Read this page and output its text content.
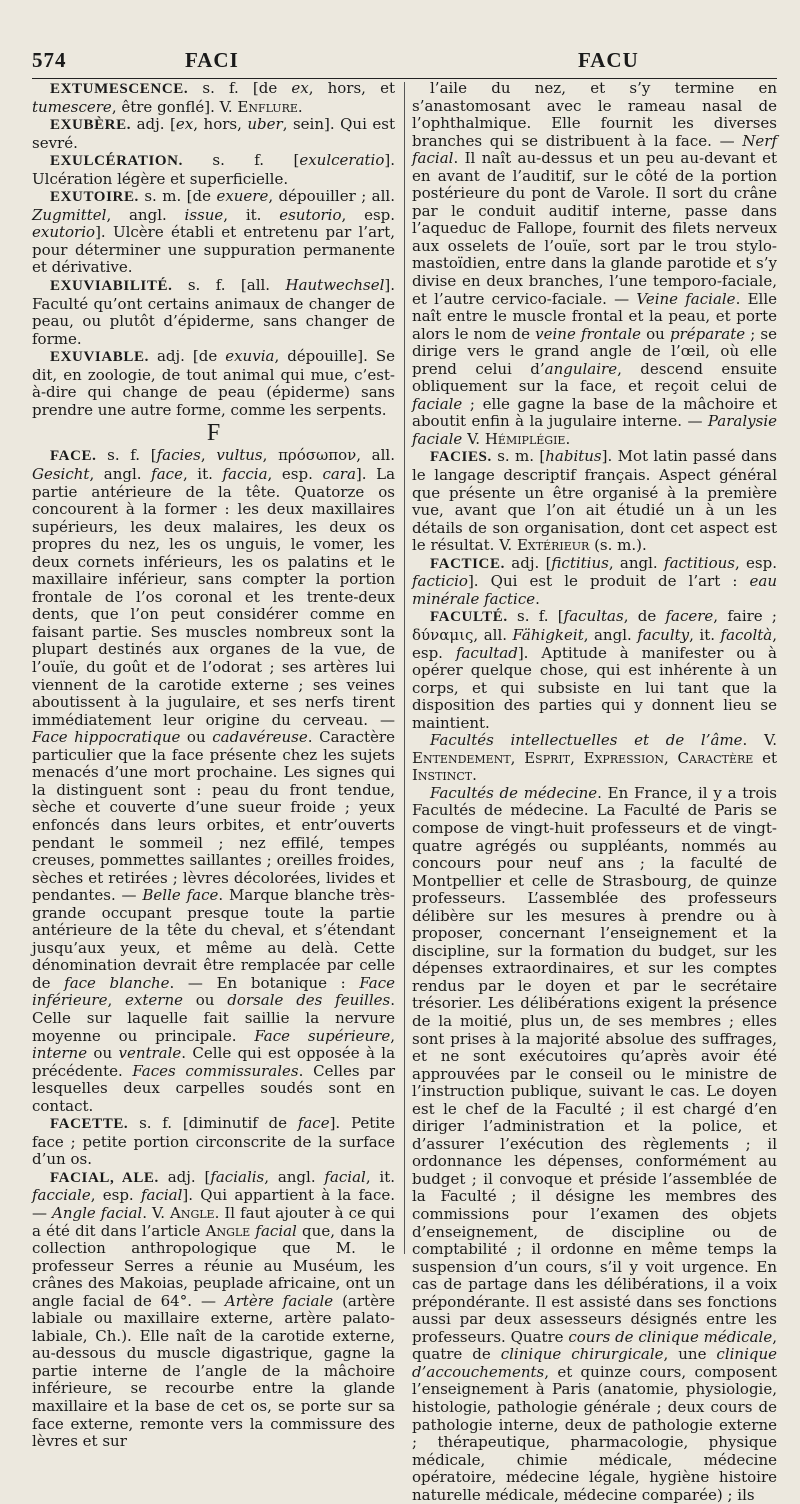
574	FACI	FACU

EXTUMESCENCE. s. f. [de ex, hors, et tumescere, être gonflé]. V. Enflure.

EXUBÈRE. adj. [ex, hors, uber, sein]. Qui est sevré.

EXULCÉRATION. s. f. [exulceratio]. Ulcération légère et superficielle.

EXUTOIRE. s. m. [de exuere, dépouiller ; all. Zugmittel, angl. issue, it. esutorio, esp. exutorio]. Ulcère établi et entretenu par l’art, pour déterminer une suppuration permanente et dérivative.

EXUVIABILITÉ. s. f. [all. Hautwechsel]. Faculté qu’ont certains animaux de changer de peau, ou plutôt d’épiderme, sans changer de forme.

EXUVIABLE. adj. [de exuvia, dépouille]. Se dit, en zoologie, de tout animal qui mue, c’est-à-dire qui change de peau (épiderme) sans prendre une autre forme, comme les serpents.

F

FACE. s. f. [facies, vultus, πρόσωπον, all. Gesicht, angl. face, it. faccia, esp. cara]. La partie antérieure de la tête. Quatorze os concourent à la former : les deux maxillaires supérieurs, les deux malaires, les deux os propres du nez, les os unguis, le vomer, les deux cornets inférieurs, les os palatins et le maxillaire inférieur, sans compter la portion frontale de l’os coronal et les trente-deux dents, que l’on peut considérer comme en faisant partie. Ses muscles nombreux sont la plupart destinés aux organes de la vue, de l’ouïe, du goût et de l’odorat ; ses artères lui viennent de la carotide externe ; ses veines aboutissent à la jugulaire, et ses nerfs tirent immédiatement leur origine du cerveau. — Face hippocratique ou cadavéreuse. Caractère particulier que la face présente chez les sujets menacés d’une mort prochaine. Les signes qui la distinguent sont : peau du front tendue, sèche et couverte d’une sueur froide ; yeux enfoncés dans leurs orbites, et entr’ouverts pendant le sommeil ; nez effilé, tempes creuses, pommettes saillantes ; oreilles froides, sèches et retirées ; lèvres décolorées, livides et pendantes. — Belle face. Marque blanche très-grande occupant presque toute la partie antérieure de la tête du cheval, et s’étendant jusqu’aux yeux, et même au delà. Cette dénomination devrait être remplacée par celle de face blanche. — En botanique : Face inférieure, externe ou dorsale des feuilles. Celle sur laquelle fait saillie la nervure moyenne ou principale. Face supérieure, interne ou ventrale. Celle qui est opposée à la précédente. Faces commissurales. Celles par lesquelles deux carpelles soudés sont en contact.

FACETTE. s. f. [diminutif de face]. Petite face ; petite portion circonscrite de la surface d’un os.

FACIAL, ALE. adj. [facialis, angl. facial, it. facciale, esp. facial]. Qui appartient à la face. — Angle facial. V. Angle. Il faut ajouter à ce qui a été dit dans l’article Angle facial que, dans la collection anthropologique que M. le professeur Serres a réunie au Muséum, les crânes des Makoias, peuplade africaine, ont un angle facial de 64°. — Artère faciale (artère labiale ou maxillaire externe, artère palato-labiale, Ch.). Elle naît de la carotide externe, au-dessous du muscle digastrique, gagne la partie interne de l’angle de la mâchoire inférieure, se recourbe entre la glande maxillaire et la base de cet os, se porte sur sa face externe, remonte vers la commissure des lèvres et sur

l’aile du nez, et s’y termine en s’anastomosant avec le rameau nasal de l’ophthalmique. Elle fournit les diverses branches qui se distribuent à la face. — Nerf facial. Il naît au-dessus et un peu au-devant et en avant de l’auditif, sur le côté de la portion postérieure du pont de Varole. Il sort du crâne par le conduit auditif interne, passe dans l’aqueduc de Fallope, fournit des filets nerveux aux osselets de l’ouïe, sort par le trou stylo-mastoïdien, entre dans la glande parotide et s’y divise en deux branches, l’une temporo-faciale, et l’autre cervico-faciale. — Veine faciale. Elle naît entre le muscle frontal et la peau, et porte alors le nom de veine frontale ou préparate ; se dirige vers le grand angle de l’œil, où elle prend celui d’angulaire, descend ensuite obliquement sur la face, et reçoit celui de faciale ; elle gagne la base de la mâchoire et aboutit enfin à la jugulaire interne. — Paralysie faciale V. Hémiplégie.

FACIES. s. m. [habitus]. Mot latin passé dans le langage descriptif français. Aspect général que présente un être organisé à la première vue, avant que l’on ait étudié un à un les détails de son organisation, dont cet aspect est le résultat. V. Extérieur (s. m.).

FACTICE. adj. [fictitius, angl. factitious, esp. facticio]. Qui est le produit de l’art : eau minérale factice.

FACULTÉ. s. f. [facultas, de facere, faire ; δύναμις, all. Fähigkeit, angl. faculty, it. facoltà, esp. facultad]. Aptitude à manifester ou à opérer quelque chose, qui est inhérente à un corps, et qui subsiste en lui tant que la disposition des parties qui y donnent lieu se maintient.

Facultés intellectuelles et de l’âme. V. Entendement, Esprit, Expression, Caractère et Instinct.

Facultés de médecine. En France, il y a trois Facultés de médecine. La Faculté de Paris se compose de vingt-huit professeurs et de vingt-quatre agrégés ou suppléants, nommés au concours pour neuf ans ; la faculté de Montpellier et celle de Strasbourg, de quinze professeurs. L’assemblée des professeurs délibère sur les mesures à prendre ou à proposer, concernant l’enseignement et la discipline, sur la formation du budget, sur les dépenses extraordinaires, et sur les comptes rendus par le doyen et par le secrétaire trésorier. Les délibérations exigent la présence de la moitié, plus un, de ses membres ; elles sont prises à la majorité absolue des suffrages, et ne sont exécutoires qu’après avoir été approuvées par le conseil ou le ministre de l’instruction publique, suivant le cas. Le doyen est le chef de la Faculté ; il est chargé d’en diriger l’administration et la police, et d’assurer l’exécution des règlements ; il ordonnance les dépenses, conformément au budget ; il convoque et préside l’assemblée de la Faculté ; il désigne les membres des commissions pour l’examen des objets d’enseignement, de discipline ou de comptabilité ; il ordonne en même temps la suspension d’un cours, s’il y voit urgence. En cas de partage dans les délibérations, il a voix prépondérante. Il est assisté dans ses fonctions aussi par deux assesseurs désignés entre les professeurs. Quatre cours de clinique médicale, quatre de clinique chirurgicale, une clinique d’accouchements, et quinze cours, composent l’enseignement à Paris (anatomie, physiologie, histologie, pathologie générale ; deux cours de pathologie interne, deux de pathologie externe ; thérapeutique, pharmacologie, physique médicale, chimie médicale, médecine opératoire, médecine légale, hygiène histoire naturelle médicale, médecine comparée) ; ils
